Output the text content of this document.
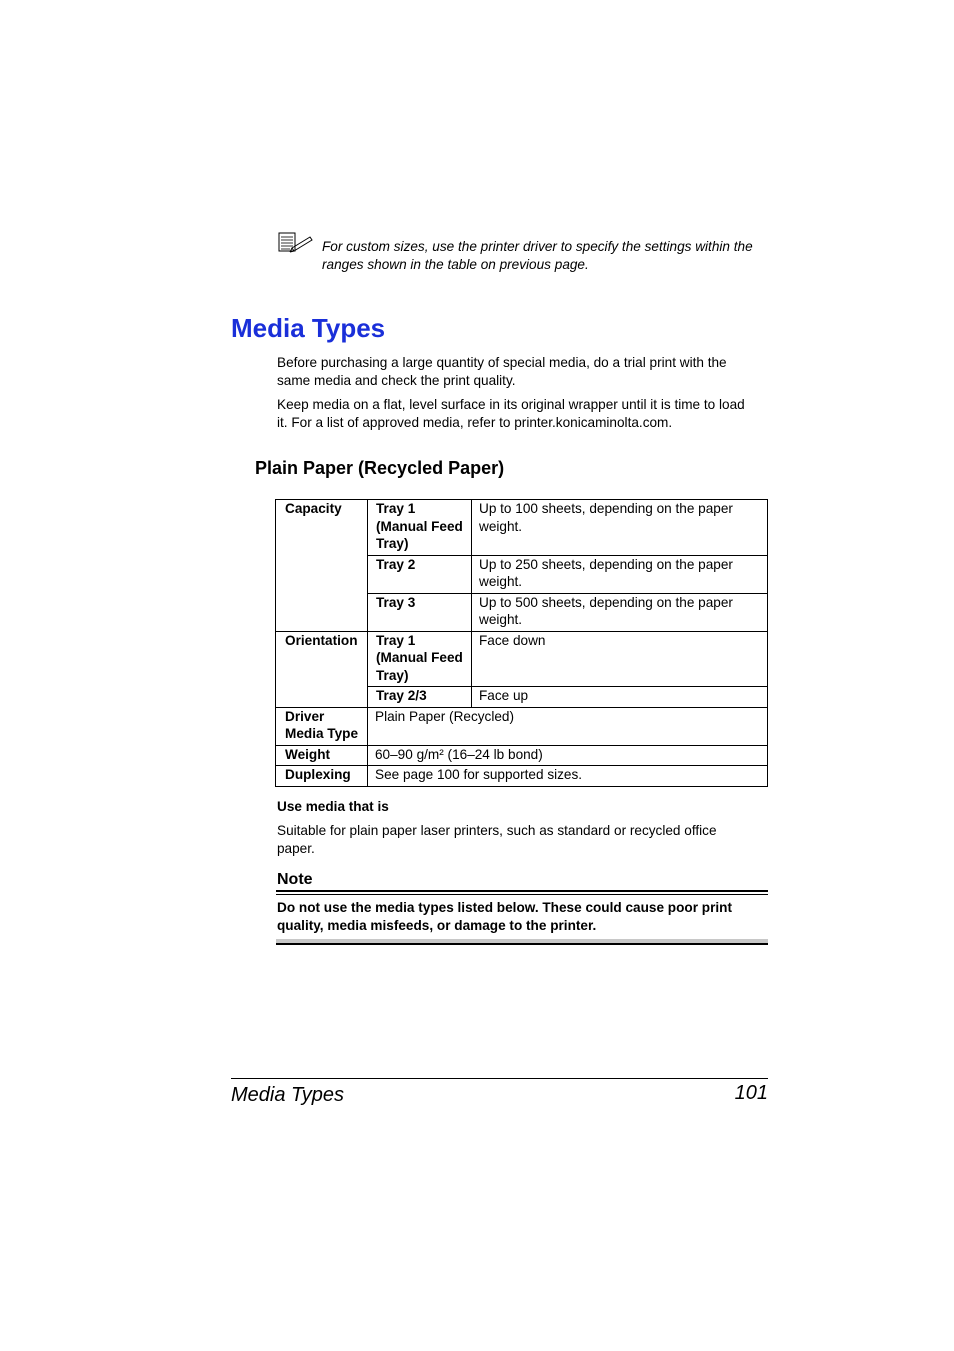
For custom sizes, use the printer driver to specify the settings within the ranges shown in the table on previous page.
Media Types

Before purchasing a large quantity of special media, do a trial print with the same media and check the print quality.

Keep media on a flat, level surface in its original wrapper until it is time to load it. For a list of approved media, refer to printer.konicaminolta.com.

Plain Paper (Recycled Paper)
Capacity	Tray 1 (Manual Feed Tray)	Up to 100 sheets, depending on the paper weight.
	Tray 2	Up to 250 sheets, depending on the paper weight.
	Tray 3	Up to 500 sheets, depending on the paper weight.
Orientation	Tray 1 (Manual Feed Tray)	Face down
	Tray 2/3	Face up
Driver Media Type	Plain Paper (Recycled)	
Weight	60–90 g/m² (16–24 lb bond)	
Duplexing	See page 100 for supported sizes.	
Use media that is
Suitable for plain paper laser printers, such as standard or recycled office paper.
Note
Do not use the media types listed below. These could cause poor print quality, media misfeeds, or damage to the printer.
Media Types	101
